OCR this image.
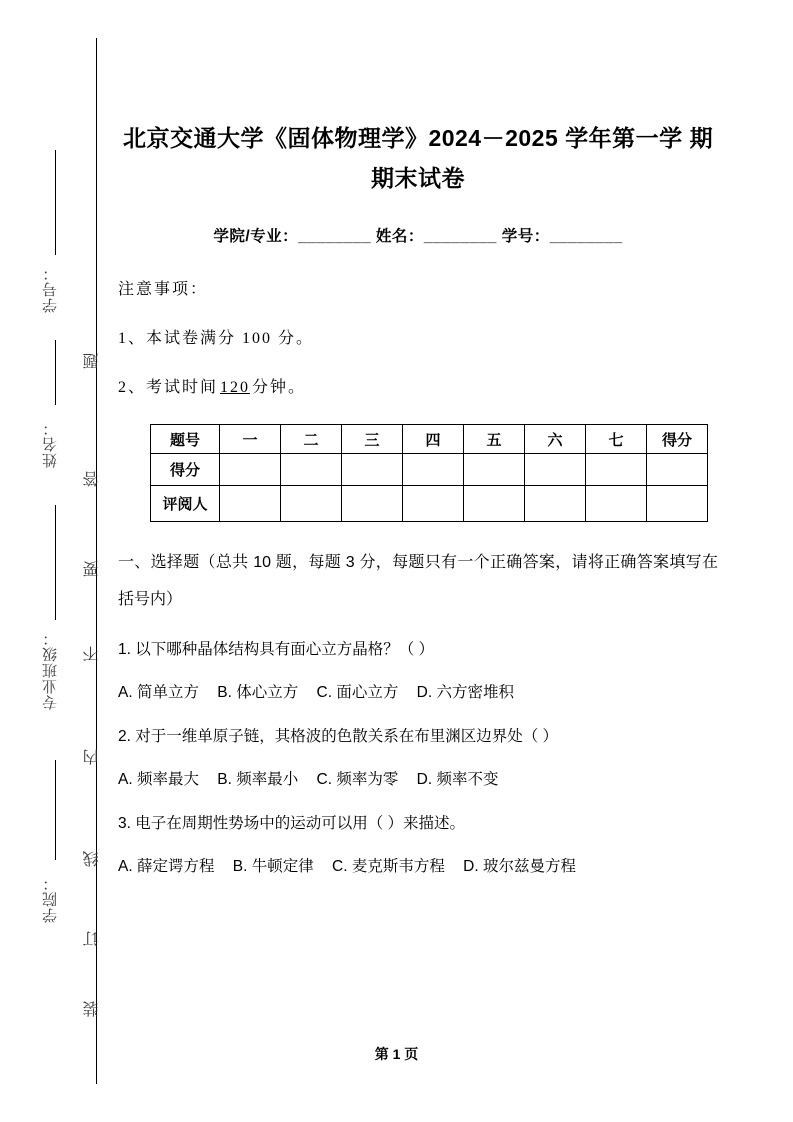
学号：
姓名：
专业班级：
学院：
题
答
要
不
内
线
订
装
北京交通大学《固体物理学》2024－2025 学年第一学 期期末试卷
学院/专业：________ 姓名：________ 学号：________
注意事项：
1、本试卷满分 100 分。
2、考试时间 120 分钟。
题号	一	二	三	四	五	六	七	得分
得分								
评阅人								
一、选择题（总共 10 题，每题 3 分，每题只有一个正确答案，请将正确答案填写在括号内）
1. 以下哪种晶体结构具有面心立方晶格？（ ）
A. 简单立方 B. 体心立方 C. 面心立方 D. 六方密堆积
2. 对于一维单原子链，其格波的色散关系在布里渊区边界处（ ）
A. 频率最大 B. 频率最小 C. 频率为零 D. 频率不变
3. 电子在周期性势场中的运动可以用（ ）来描述。
A. 薛定谔方程 B. 牛顿定律 C. 麦克斯韦方程 D. 玻尔兹曼方程
第 1 页
